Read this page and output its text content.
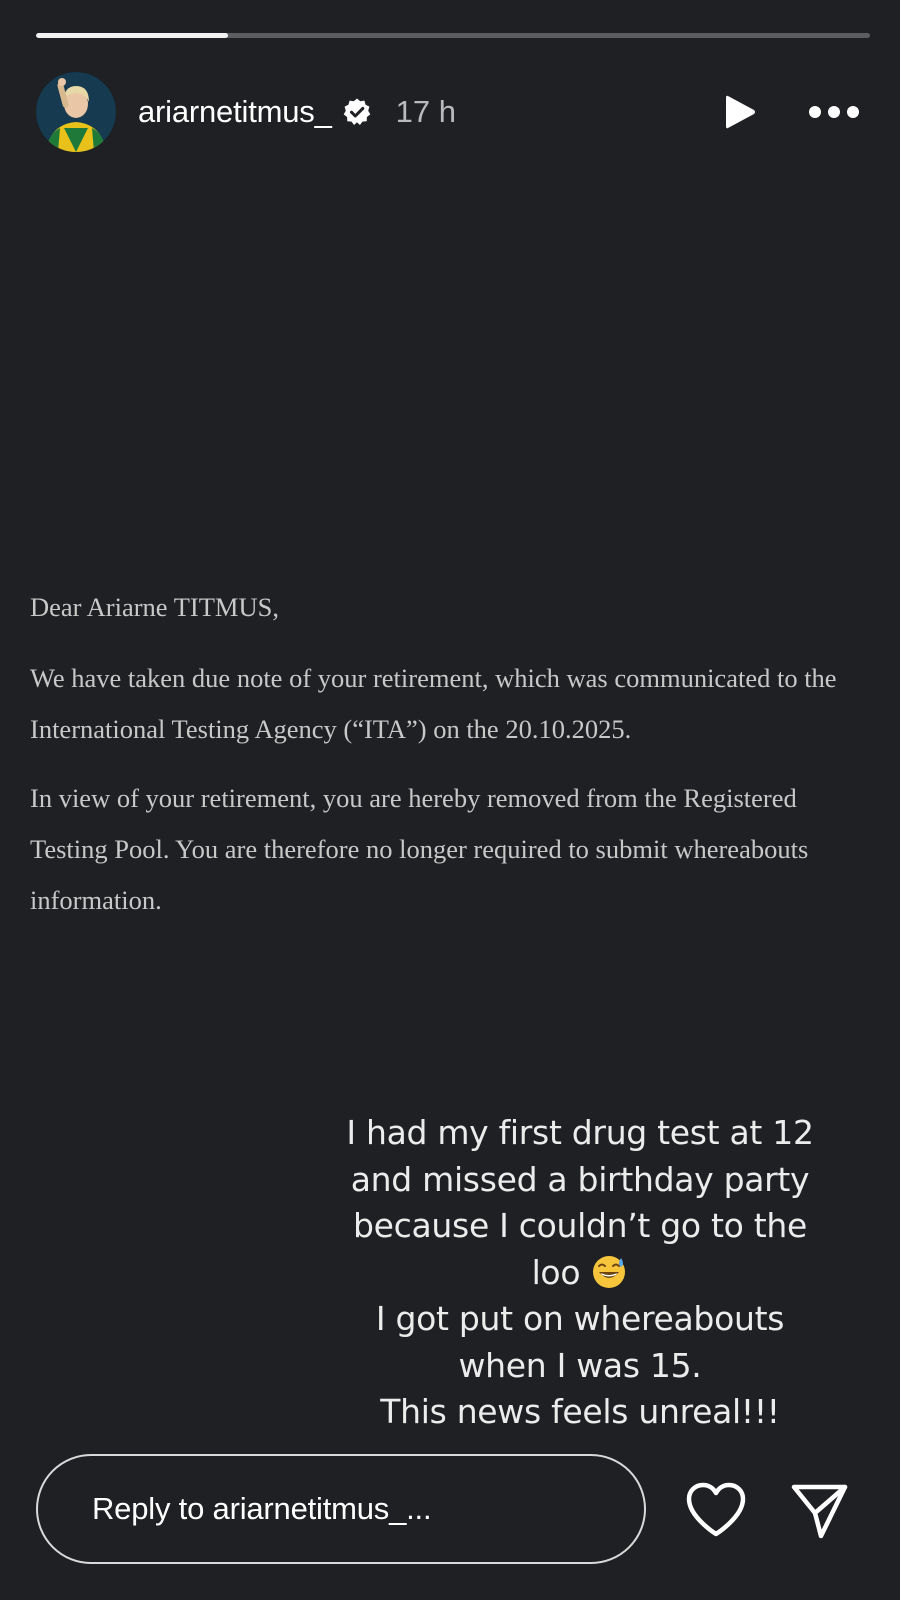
ariarnetitmus_ 17 h

Dear Ariarne TITMUS,

We have taken due note of your retirement, which was communicated to the International Testing Agency (“ITA”) on the 20.10.2025.

In view of your retirement, you are hereby removed from the Registered Testing Pool. You are therefore no longer required to submit whereabouts information.

I had my first drug test at 12
and missed a birthday party
because I couldn’t go to the
loo
I got put on whereabouts
when I was 15.
This news feels unreal!!!
Reply to ariarnetitmus_...
